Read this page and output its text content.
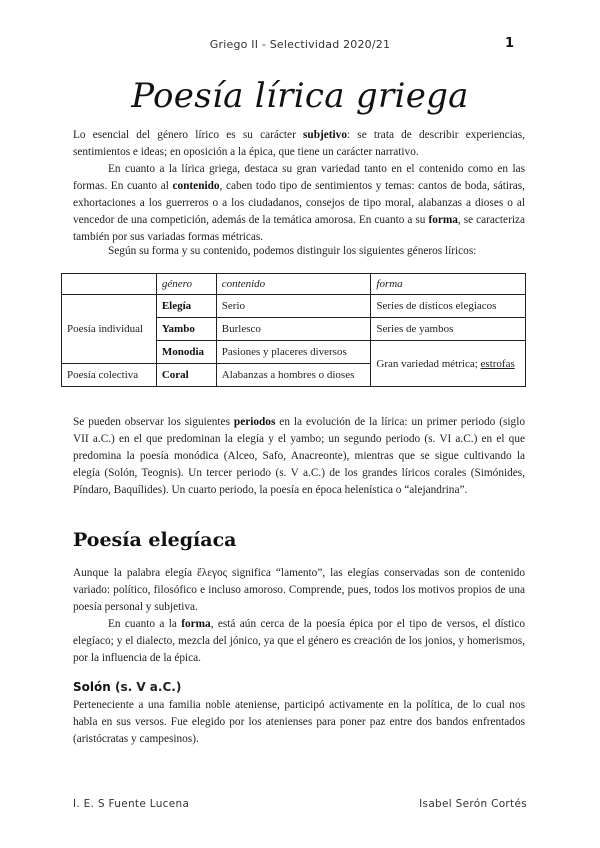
Griego II - Selectividad 2020/21	1
Poesía lírica griega

Lo esencial del género lírico es su carácter subjetivo: se trata de describir experiencias, sentimientos e ideas; en oposición a la épica, que tiene un carácter narrativo.

En cuanto a la lírica griega, destaca su gran variedad tanto en el contenido como en las formas. En cuanto al contenido, caben todo tipo de sentimientos y temas: cantos de boda, sátiras, exhortaciones a los guerreros o a los ciudadanos, consejos de tipo moral, alabanzas a dioses o al vencedor de una competición, además de la temática amorosa. En cuanto a su forma, se caracteriza también por sus variadas formas métricas.

Según su forma y su contenido, podemos distinguir los siguientes géneros líricos:

	género	contenido	forma
Poesía individual	Elegía	Serio	Series de dísticos elegiacos
	Yambo	Burlesco	Series de yambos
	Monodia	Pasiones y placeres diversos	Gran variedad métrica; estrofas
Poesía colectiva	Coral	Alabanzas a hombres o dioses	

Se pueden observar los siguientes periodos en la evolución de la lírica: un primer periodo (siglo VII a.C.) en el que predominan la elegía y el yambo; un segundo periodo (s. VI a.C.) en el que predomina la poesía monódica (Alceo, Safo, Anacreonte), mientras que se sigue cultivando la elegía (Solón, Teognis). Un tercer periodo (s. V a.C.) de los grandes líricos corales (Simónides, Píndaro, Baquílides). Un cuarto periodo, la poesía en época helenística o “alejandrina”.

Poesía elegíaca

Aunque la palabra elegía ἔλεγος significa “lamento”, las elegías conservadas son de contenido variado: político, filosófico e incluso amoroso. Comprende, pues, todos los motivos propios de una poesía personal y subjetiva.

En cuanto a la forma, está aún cerca de la poesía épica por el tipo de versos, el dístico elegíaco; y el dialecto, mezcla del jónico, ya que el género es creación de los jonios, y homerismos, por la influencia de la épica.

Solón (s. V a.C.)

Perteneciente a una familia noble ateniense, participó activamente en la política, de lo cual nos habla en sus versos. Fue elegido por los atenienses para poner paz entre dos bandos enfrentados (aristócratas y campesinos).

I. E. S Fuente Lucena	Isabel Serón Cortés
